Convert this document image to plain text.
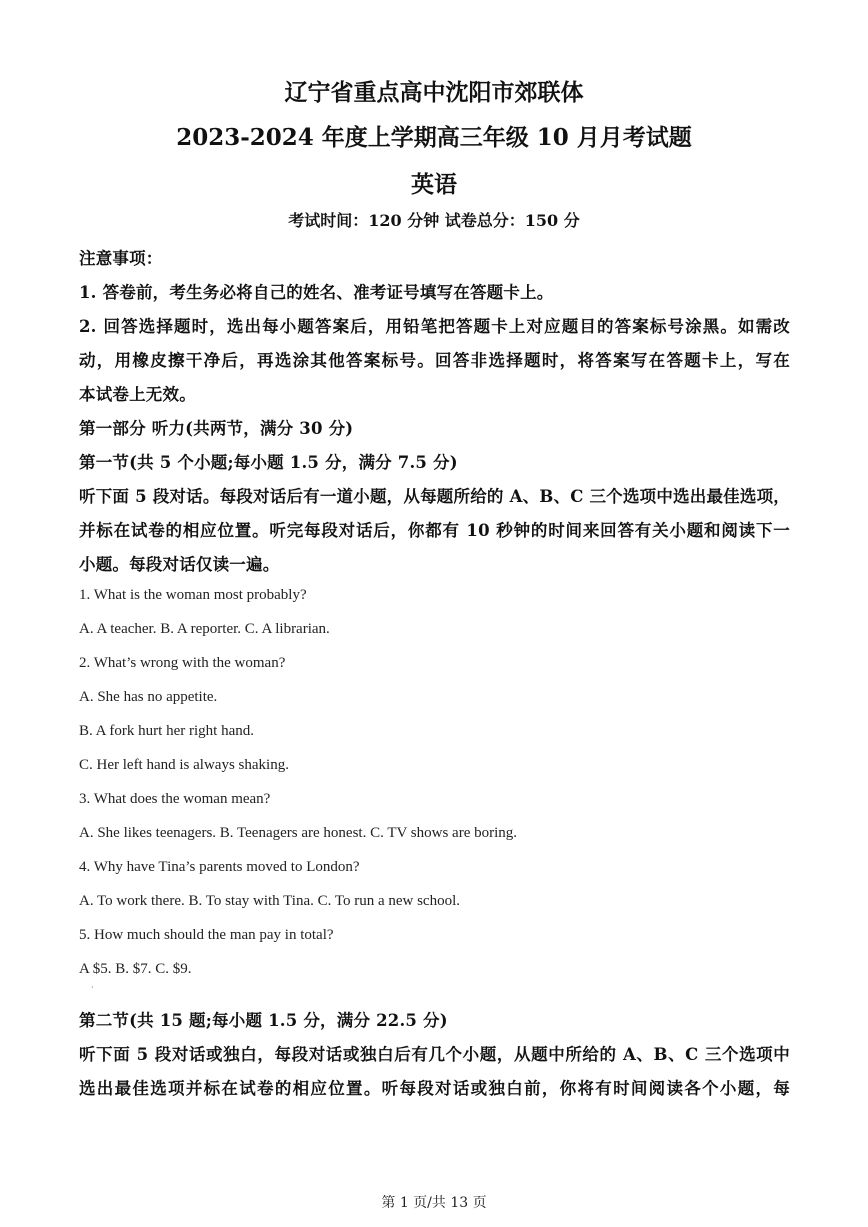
辽宁省重点高中沈阳市郊联体
2023-2024 年度上学期高三年级 10 月月考试题
英语
考试时间：120 分钟 试卷总分：150 分
注意事项：
1. 答卷前，考生务必将自己的姓名、准考证号填写在答题卡上。
2. 回答选择题时，选出每小题答案后，用铅笔把答题卡上对应题目的答案标号涂黑。如需改
动，用橡皮擦干净后，再选涂其他答案标号。回答非选择题时，将答案写在答题卡上，写在
本试卷上无效。
第一部分 听力(共两节，满分 30 分)
第一节(共 5 个小题;每小题 1.5 分，满分 7.5 分)
听下面 5 段对话。每段对话后有一道小题，从每题所给的 A、B、C 三个选项中选出最佳选项，
并标在试卷的相应位置。听完每段对话后，你都有 10 秒钟的时间来回答有关小题和阅读下一
小题。每段对话仅读一遍。
1. What is the woman most probably?
A. A teacher. B. A reporter. C. A librarian.
2. What’s wrong with the woman?
A. She has no appetite.
B. A fork hurt her right hand.
C. Her left hand is always shaking.
3. What does the woman mean?
A. She likes teenagers. B. Teenagers are honest. C. TV shows are boring.
4. Why have Tina’s parents moved to London?
A. To work there. B. To stay with Tina. C. To run a new school.
5. How much should the man pay in total?
A $5. B. $7. C. $9.
·
第二节(共 15 题;每小题 1.5 分，满分 22.5 分)
听下面 5 段对话或独白，每段对话或独白后有几个小题，从题中所给的 A、B、C 三个选项中
选出最佳选项并标在试卷的相应位置。听每段对话或独白前，你将有时间阅读各个小题，每
第 1 页/共 13 页
